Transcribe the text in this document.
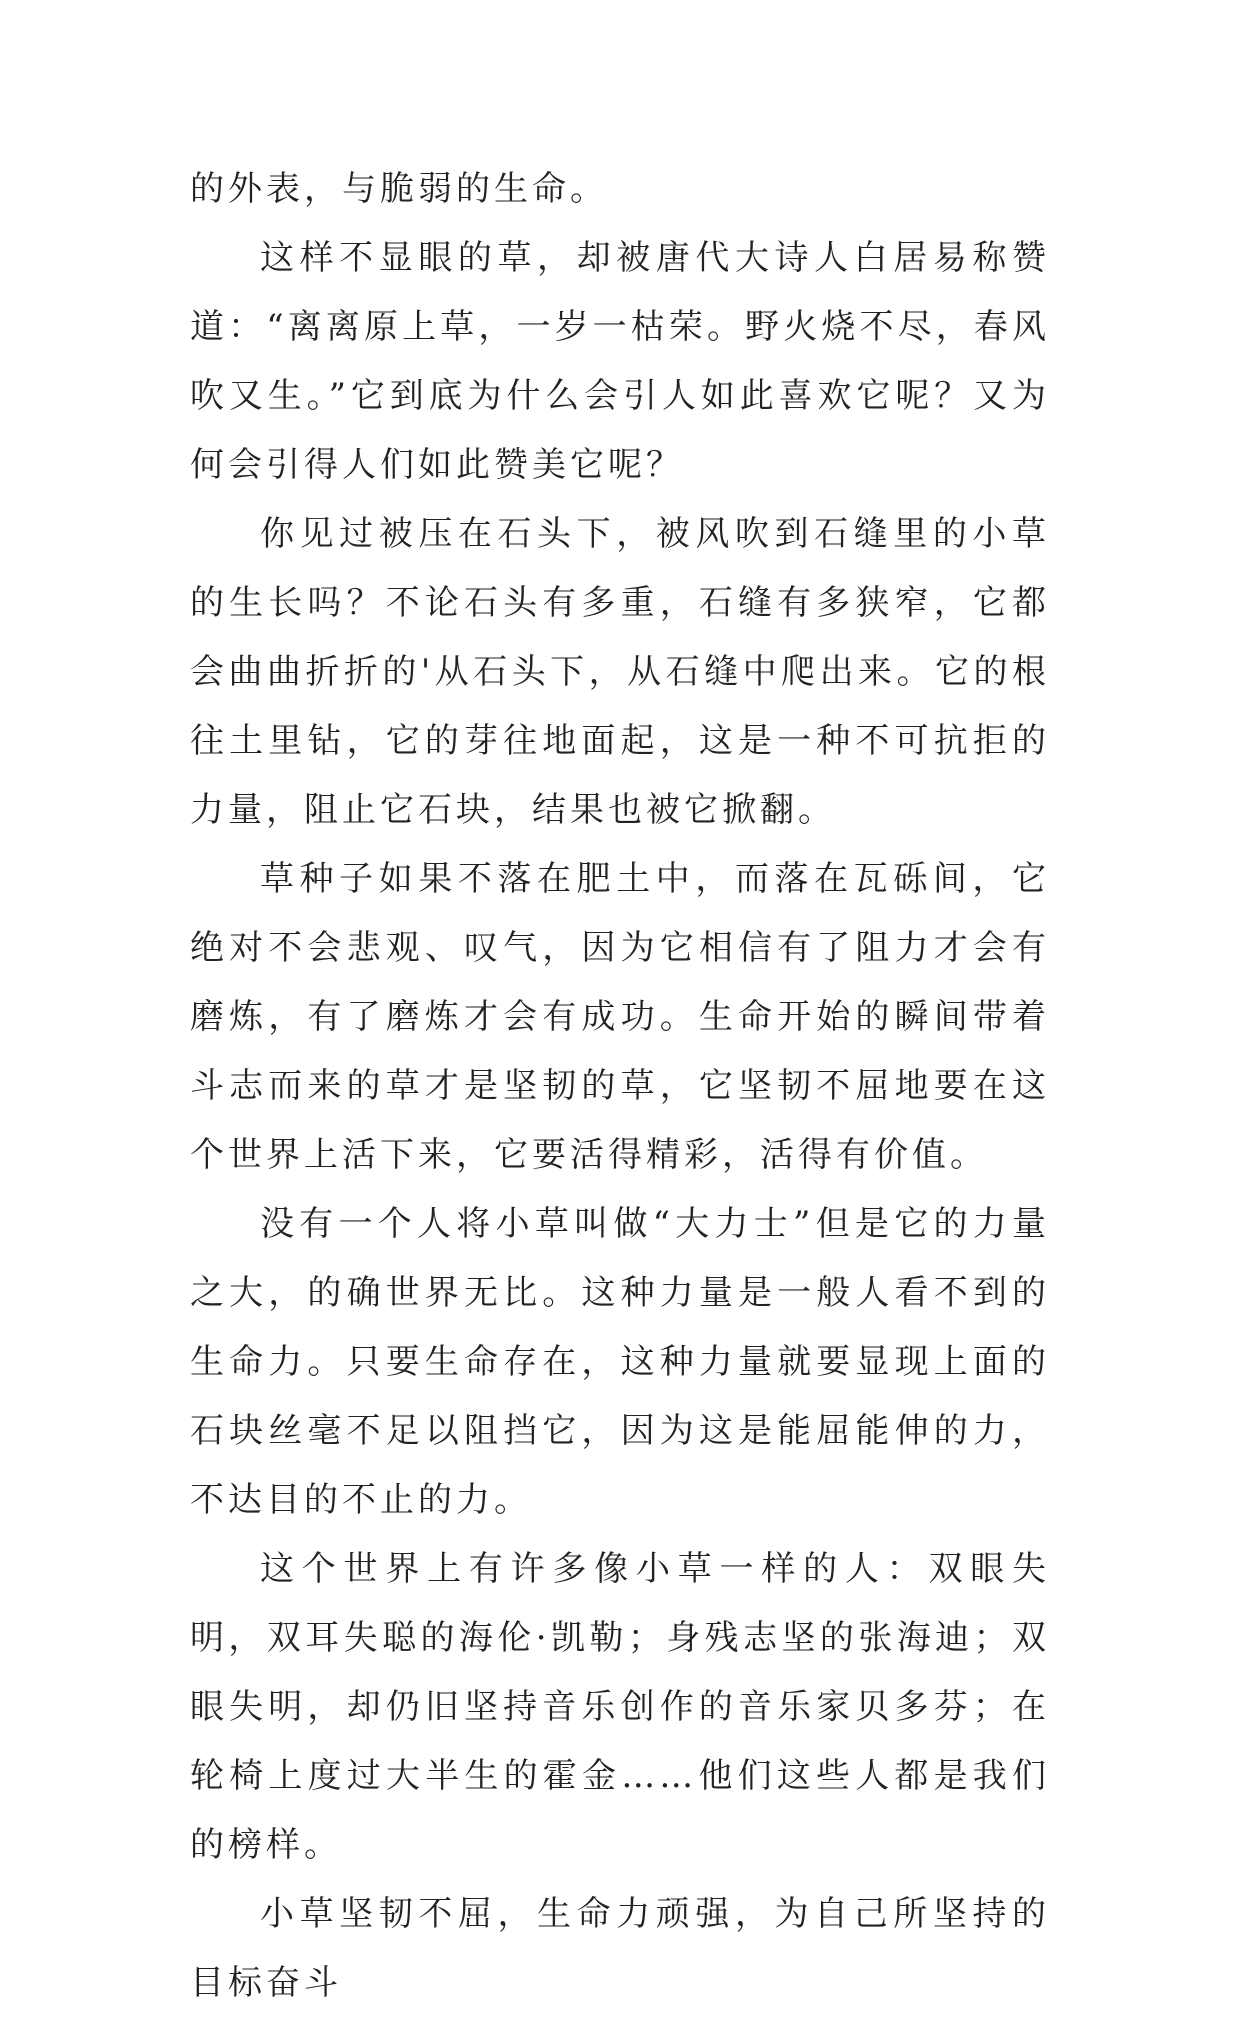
的外表，与脆弱的生命。

这样不显眼的草，却被唐代大诗人白居易称赞道：“离离原上草，一岁一枯荣。野火烧不尽，春风吹又生。”它到底为什么会引人如此喜欢它呢？又为何会引得人们如此赞美它呢？

你见过被压在石头下，被风吹到石缝里的小草的生长吗？不论石头有多重，石缝有多狭窄，它都会曲曲折折的'从石头下，从石缝中爬出来。它的根往土里钻，它的芽往地面起，这是一种不可抗拒的力量，阻止它石块，结果也被它掀翻。

草种子如果不落在肥土中，而落在瓦砾间，它绝对不会悲观、叹气，因为它相信有了阻力才会有磨炼，有了磨炼才会有成功。生命开始的瞬间带着斗志而来的草才是坚韧的草，它坚韧不屈地要在这个世界上活下来，它要活得精彩，活得有价值。

没有一个人将小草叫做“大力士”但是它的力量之大，的确世界无比。这种力量是一般人看不到的生命力。只要生命存在，这种力量就要显现上面的石块丝毫不足以阻挡它，因为这是能屈能伸的力，不达目的不止的力。

这个世界上有许多像小草一样的人：双眼失明，双耳失聪的海伦·凯勒；身残志坚的张海迪；双眼失明，却仍旧坚持音乐创作的音乐家贝多芬；在轮椅上度过大半生的霍金……他们这些人都是我们的榜样。

小草坚韧不屈，生命力顽强，为自己所坚持的目标奋斗
